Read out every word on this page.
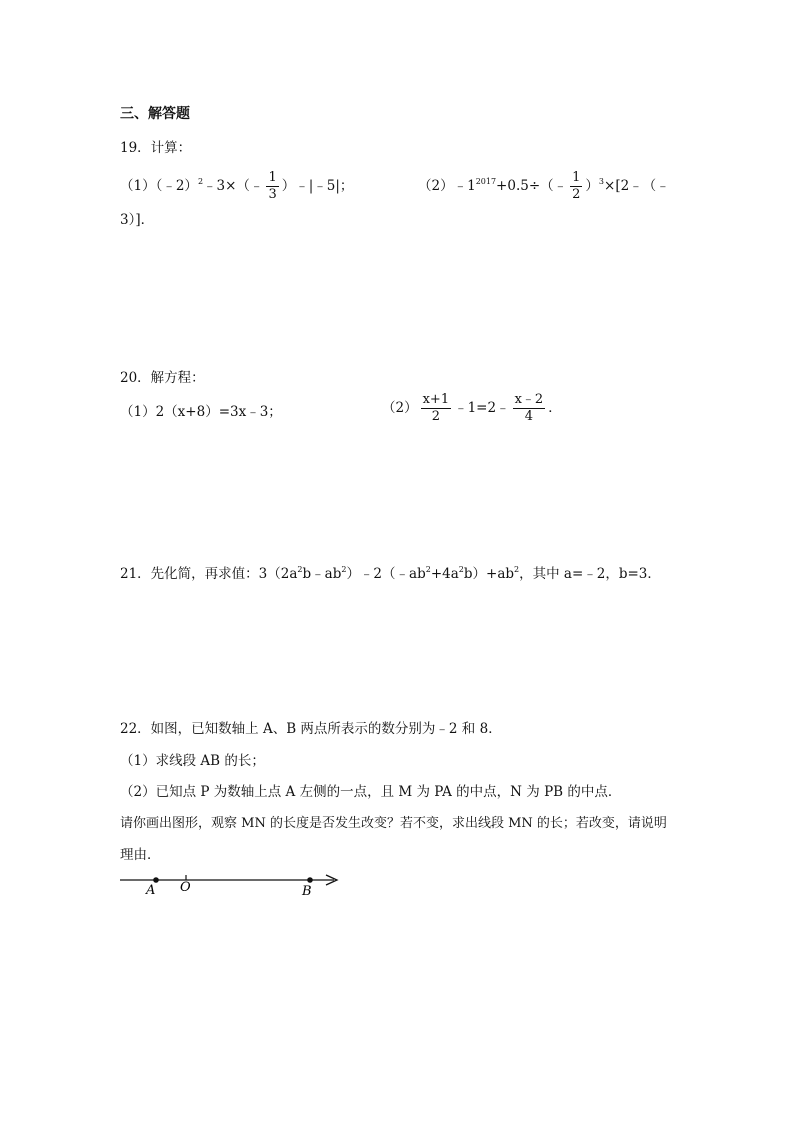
三、解答题
19．计算：
（1）（﹣2）$^2$﹣3×（﹣ $\frac{1}{3}$ ）﹣|﹣5|；	$(2)﹣1^{2017}+0.5\div(﹣ \frac{1}{2}$ ）$^3$×[2﹣（﹣
3）]．
20．解方程：
（1）2（x+8）=3x﹣3；	$(2) \frac{x+1}{2}$ ﹣1=2﹣ $\frac{x﹣2}{4}$ ．
21．先化简，再求值：$3(2a^2b﹣ab^2)﹣2(﹣ab^2+4a^2b)+ab^2$，其中 a=﹣2，b=3．
22．如图，已知数轴上 A、B 两点所表示的数分别为﹣2 和 8．
（1）求线段 AB 的长；
（2）已知点 P 为数轴上点 A 左侧的一点，且 M 为 PA 的中点，N 为 PB 的中点．
请你画出图形，观察 MN 的长度是否发生改变？若不变，求出线段 MN 的长；若改变，请说明
理由．
A O	B
